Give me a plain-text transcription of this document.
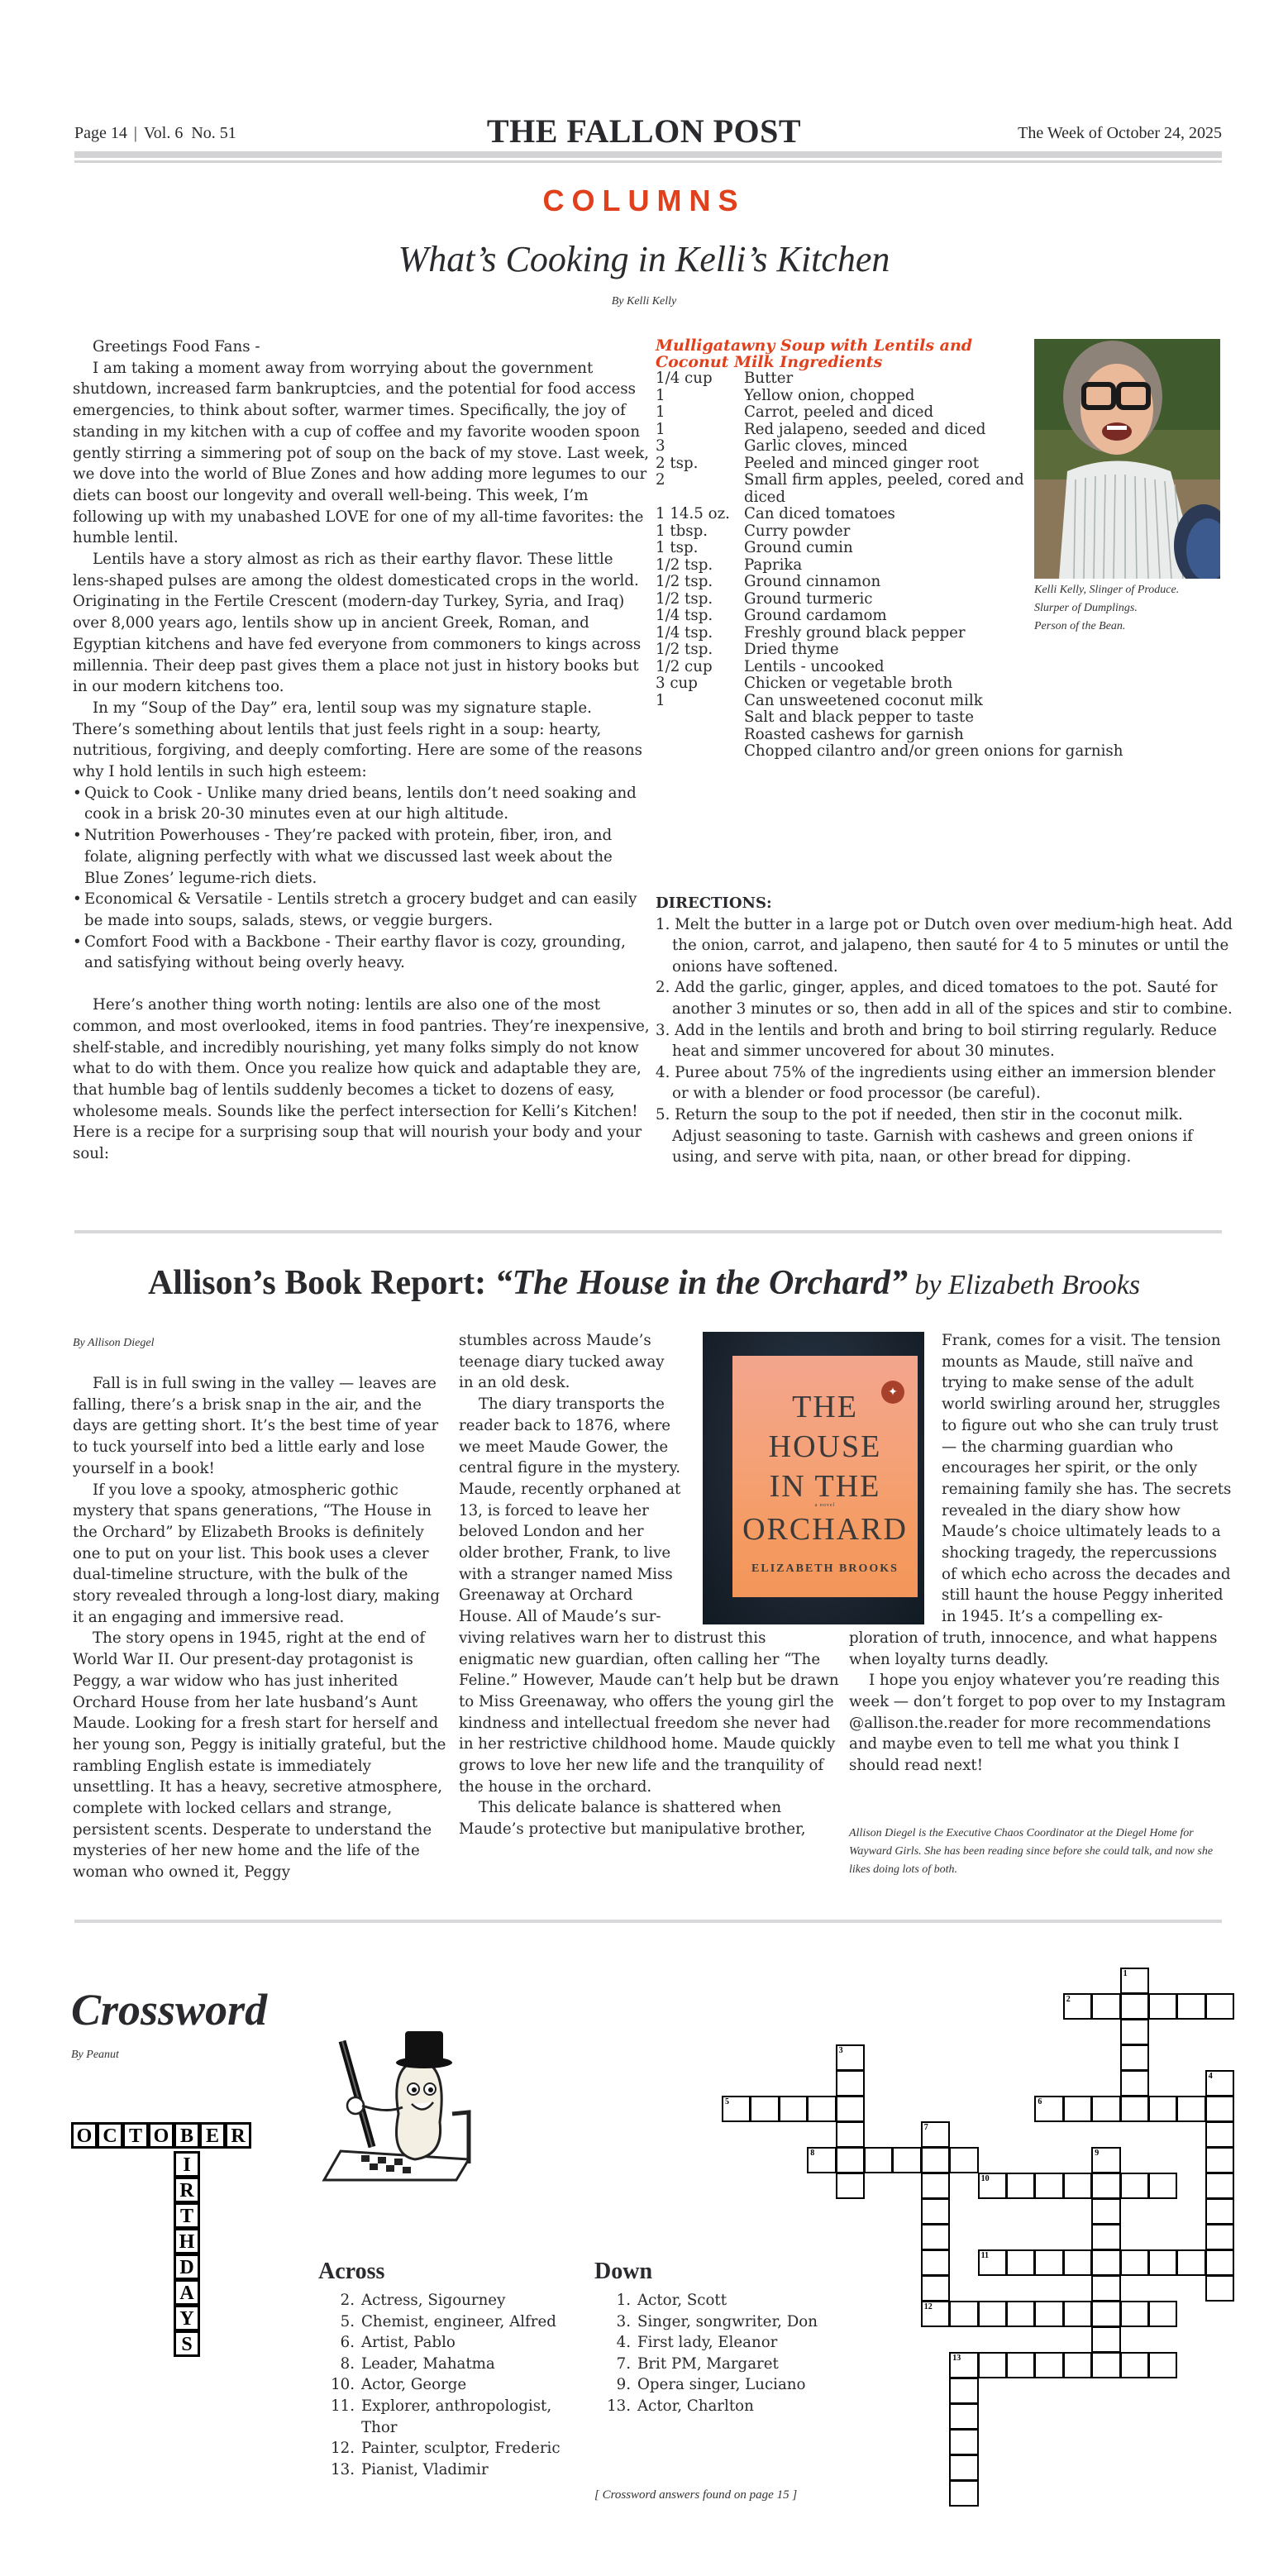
Page 14 | Vol. 6  No. 51	THE FALLON POST	The Week of October 24, 2025
COLUMNS
What’s Cooking in Kelli’s Kitchen
By Kelli Kelly

Greetings Food Fans -

I am taking a moment away from worrying about the government shutdown, increased farm bankruptcies, and the potential for food access emergencies, to think about softer, warmer times. Specifically, the joy of standing in my kitchen with a cup of coffee and my favorite wooden spoon gently stirring a simmering pot of soup on the back of my stove. Last week, we dove into the world of Blue Zones and how adding more legumes to our diets can boost our longevity and overall well-being. This week, I’m following up with my unabashed LOVE for one of my all-time favorites: the humble lentil.

Lentils have a story almost as rich as their earthy flavor. These little lens-shaped pulses are among the oldest domesticated crops in the world. Originating in the Fertile Crescent (modern-day Turkey, Syria, and Iraq) over 8,000 years ago, lentils show up in ancient Greek, Roman, and Egyptian kitchens and have fed everyone from commoners to kings across millennia. Their deep past gives them a place not just in history books but in our modern kitchens too.

In my “Soup of the Day” era, lentil soup was my signature staple. There’s something about lentils that just feels right in a soup: hearty, nutritious, forgiving, and deeply comforting. Here are some of the reasons why I hold lentils in such high esteem:

• Quick to Cook - Unlike many dried beans, lentils don’t need soaking and cook in a brisk 20-30 minutes even at our high altitude.
• Nutrition Powerhouses - They’re packed with protein, fiber, iron, and folate, aligning perfectly with what we discussed last week about the Blue Zones’ legume-rich diets.
• Economical & Versatile - Lentils stretch a grocery budget and can easily be made into soups, salads, stews, or veggie burgers.
• Comfort Food with a Backbone - Their earthy flavor is cozy, grounding, and satisfying without being overly heavy.

Here’s another thing worth noting: lentils are also one of the most common, and most overlooked, items in food pantries. They’re inexpensive, shelf-stable, and incredibly nourishing, yet many folks simply do not know what to do with them. Once you realize how quick and adaptable they are, that humble bag of lentils suddenly becomes a ticket to dozens of easy, wholesome meals. Sounds like the perfect intersection for Kelli’s Kitchen! Here is a recipe for a surprising soup that will nourish your body and your soul:

Mulligatawny Soup with Lentils and Coconut Milk Ingredients
1/4 cup	Butter
1	Yellow onion, chopped
1	Carrot, peeled and diced
1	Red jalapeno, seeded and diced
3	Garlic cloves, minced
2 tsp.	Peeled and minced ginger root
2	Small firm apples, peeled, cored and diced
1 14.5 oz. Can diced tomatoes
1 tbsp.	Curry powder
1 tsp.	Ground cumin
1/2 tsp.	Paprika
1/2 tsp.	Ground cinnamon
1/2 tsp.	Ground turmeric
1/4 tsp.	Ground cardamom
1/4 tsp.	Freshly ground black pepper
1/2 tsp.	Dried thyme
1/2 cup	Lentils - uncooked
3 cup	Chicken or vegetable broth
1	Can unsweetened coconut milk
Salt and black pepper to taste
Roasted cashews for garnish
Chopped cilantro and/or green onions for garnish
Kelli Kelly, Slinger of Produce.
Slurper of Dumplings.
Person of the Bean.
DIRECTIONS:
1. Melt the butter in a large pot or Dutch oven over medium-high heat. Add the onion, carrot, and jalapeno, then sauté for 4 to 5 minutes or until the onions have softened.
2. Add the garlic, ginger, apples, and diced tomatoes to the pot. Sauté for another 3 minutes or so, then add in all of the spices and stir to combine.
3. Add in the lentils and broth and bring to boil stirring regularly. Reduce heat and simmer uncovered for about 30 minutes.
4. Puree about 75% of the ingredients using either an immersion blender or with a blender or food processor (be careful).
5. Return the soup to the pot if needed, then stir in the coconut milk. Adjust seasoning to taste. Garnish with cashews and green onions if using, and serve with pita, naan, or other bread for dipping.
Allison’s Book Report: “The House in the Orchard” by Elizabeth Brooks
By Allison Diegel

Fall is in full swing in the valley — leaves are falling, there’s a brisk snap in the air, and the days are getting short. It’s the best time of year to tuck yourself into bed a little early and lose yourself in a book!

If you love a spooky, atmospheric gothic mystery that spans generations, “The House in the Orchard” by Elizabeth Brooks is definitely one to put on your list. This book uses a clever dual-timeline structure, with the bulk of the story revealed through a long-lost diary, making it an engaging and immersive read.

The story opens in 1945, right at the end of World War II. Our present-day protagonist is Peggy, a war widow who has just inherited Orchard House from her late husband’s Aunt Maude. Looking for a fresh start for herself and her young son, Peggy is initially grateful, but the rambling English estate is immediately unsettling. It has a heavy, secretive atmosphere, complete with locked cellars and strange, persistent scents. Desperate to understand the mysteries of her new home and the life of the woman who owned it, Peggy

stumbles across Maude’s teenage diary tucked away in an old desk.

The diary transports the reader back to 1876, where we meet Maude Gower, the central figure in the mystery. Maude, recently orphaned at 13, is forced to leave her beloved London and her older brother, Frank, to live with a stranger named Miss Greenaway at Orchard House. All of Maude’s sur-

viving relatives warn her to distrust this enigmatic new guardian, often calling her “The Feline.” However, Maude can’t help but be drawn to Miss Greenaway, who offers the young girl the kindness and intellectual freedom she never had in her restrictive childhood home. Maude quickly grows to love her new life and the tranquility of the house in the orchard.

This delicate balance is shattered when Maude’s protective but manipulative brother,

✦
THE
HOUSE
IN THE
a novel
ORCHARD
ELIZABETH BROOKS

Frank, comes for a visit. The tension mounts as Maude, still naïve and trying to make sense of the adult world swirling around her, struggles to figure out who she can truly trust — the charming guardian who encourages her spirit, or the only remaining family she has. The secrets revealed in the diary show how Maude’s choice ultimately leads to a shocking tragedy, the repercussions of which echo across the decades and still haunt the house Peggy inherited in 1945. It’s a compelling ex-

ploration of truth, innocence, and what happens when loyalty turns deadly.

I hope you enjoy whatever you’re reading this week — don’t forget to pop over to my Instagram @allison.the.reader for more recommendations and maybe even to tell me what you think I should read next!

Allison Diegel is the Executive Chaos Coordinator at the Diegel Home for Wayward Girls. She has been reading since before she could talk, and now she likes doing lots of both.
Crossword
By Peanut
O C T O B E R
I
R
T
H
D
A
Y
S
Across
2. Actress, Sigourney
5. Chemist, engineer, Alfred
6. Artist, Pablo
8. Leader, Mahatma
10. Actor, George
11. Explorer, anthropologist, Thor
12. Painter, sculptor, Frederic
13. Pianist, Vladimir
Down
1. Actor, Scott
3. Singer, songwriter, Don
4. First lady, Eleanor
7. Brit PM, Margaret
9. Opera singer, Luciano
13. Actor, Charlton
[ Crossword answers found on page 15 ]
1
2
3
4
5	6
7
12
8	9
10
11
13
